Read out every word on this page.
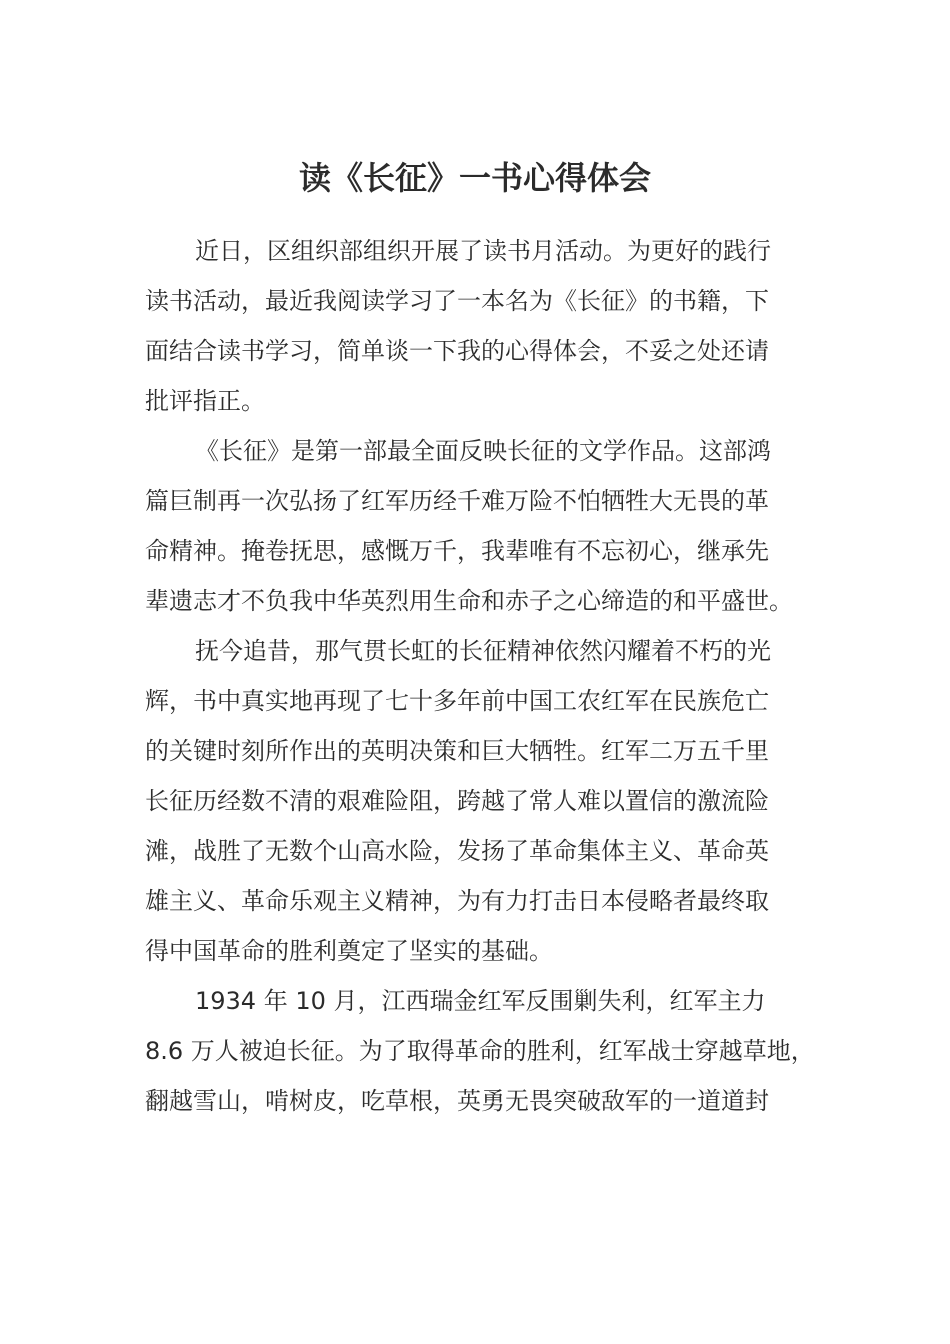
读《长征》一书心得体会
近日，区组织部组织开展了读书月活动。为更好的践行
读书活动，最近我阅读学习了一本名为《长征》的书籍，下
面结合读书学习，简单谈一下我的心得体会，不妥之处还请
批评指正。
《长征》是第一部最全面反映长征的文学作品。这部鸿
篇巨制再一次弘扬了红军历经千难万险不怕牺牲大无畏的革
命精神。掩卷抚思，感慨万千，我辈唯有不忘初心，继承先
辈遗志才不负我中华英烈用生命和赤子之心缔造的和平盛世。
抚今追昔，那气贯长虹的长征精神依然闪耀着不朽的光
辉，书中真实地再现了七十多年前中国工农红军在民族危亡
的关键时刻所作出的英明决策和巨大牺牲。红军二万五千里
长征历经数不清的艰难险阻，跨越了常人难以置信的激流险
滩，战胜了无数个山高水险，发扬了革命集体主义、革命英
雄主义、革命乐观主义精神，为有力打击日本侵略者最终取
得中国革命的胜利奠定了坚实的基础。
1934 年 10 月，江西瑞金红军反围剿失利，红军主力
8.6 万人被迫长征。为了取得革命的胜利，红军战士穿越草地，
翻越雪山，啃树皮，吃草根，英勇无畏突破敌军的一道道封
